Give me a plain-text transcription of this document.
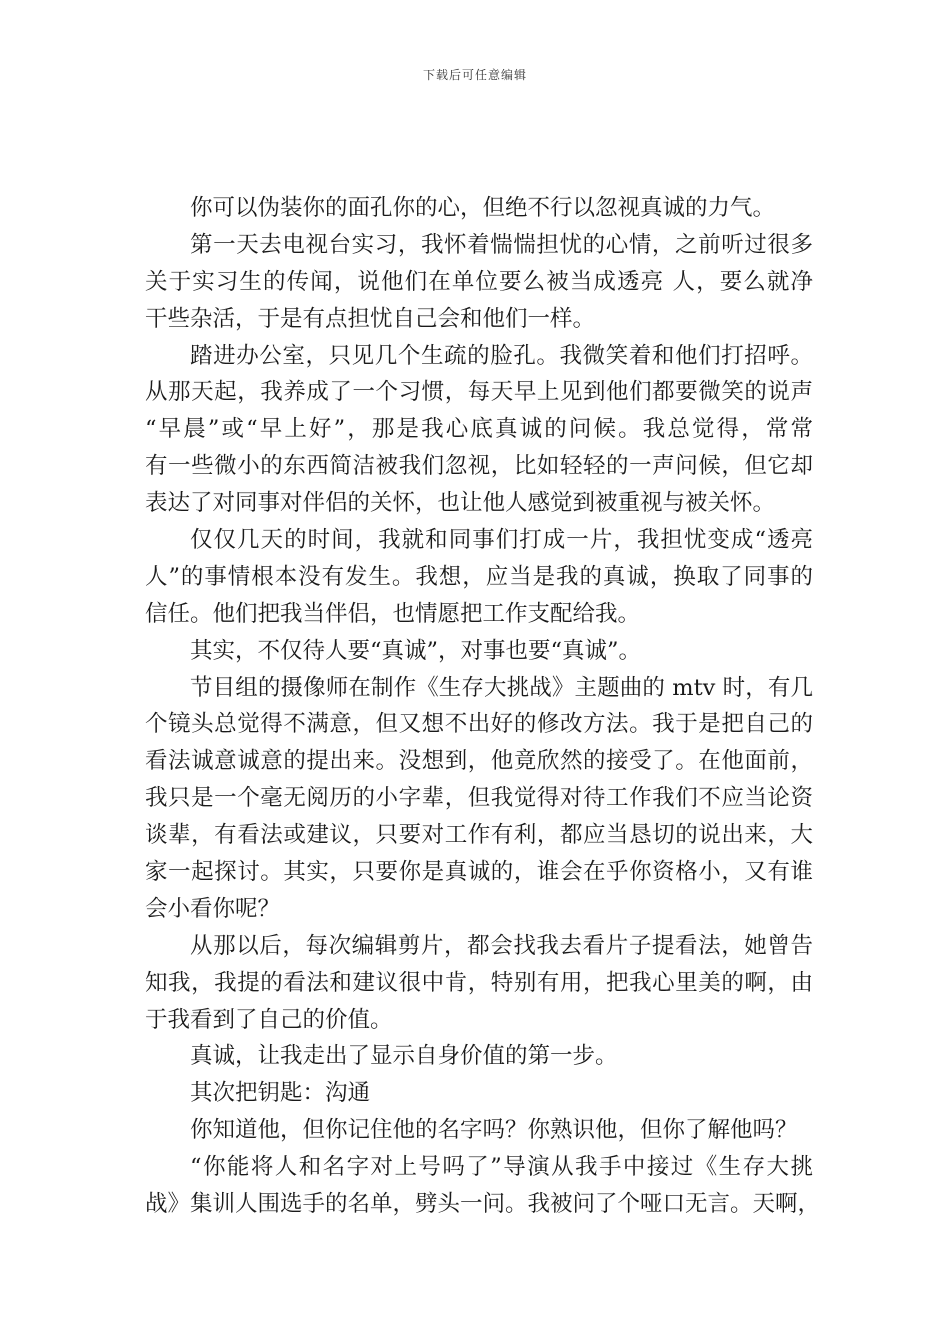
下载后可任意编辑
你可以伪装你的面孔你的心，但绝不行以忽视真诚的力气。
第一天去电视台实习，我怀着惴惴担忧的心情，之前听过很多
关于实习生的传闻，说他们在单位要么被当成透亮 人，要么就净
干些杂活，于是有点担忧自己会和他们一样。
踏进办公室，只见几个生疏的脸孔。我微笑着和他们打招呼。
从那天起，我养成了一个习惯，每天早上见到他们都要微笑的说声
“早晨”或“早上好”，那是我心底真诚的问候。我总觉得，常常
有一些微小的东西简洁被我们忽视，比如轻轻的一声问候，但它却
表达了对同事对伴侣的关怀，也让他人感觉到被重视与被关怀。
仅仅几天的时间，我就和同事们打成一片，我担忧变成“透亮
人”的事情根本没有发生。我想，应当是我的真诚，换取了同事的
信任。他们把我当伴侣，也情愿把工作支配给我。
其实，不仅待人要“真诚”，对事也要“真诚”。
节目组的摄像师在制作《生存大挑战》主题曲的 mtv 时，有几
个镜头总觉得不满意，但又想不出好的修改方法。我于是把自己的
看法诚意诚意的提出来。没想到，他竟欣然的接受了。在他面前，
我只是一个毫无阅历的小字辈，但我觉得对待工作我们不应当论资
谈辈，有看法或建议，只要对工作有利，都应当恳切的说出来，大
家一起探讨。其实，只要你是真诚的，谁会在乎你资格小，又有谁
会小看你呢？
从那以后，每次编辑剪片，都会找我去看片子提看法，她曾告
知我，我提的看法和建议很中肯，特别有用，把我心里美的啊，由
于我看到了自己的价值。
真诚，让我走出了显示自身价值的第一步。
其次把钥匙：沟通
你知道他，但你记住他的名字吗？你熟识他，但你了解他吗？
“你能将人和名字对上号吗了”导演从我手中接过《生存大挑
战》集训人围选手的名单，劈头一问。我被问了个哑口无言。天啊，
